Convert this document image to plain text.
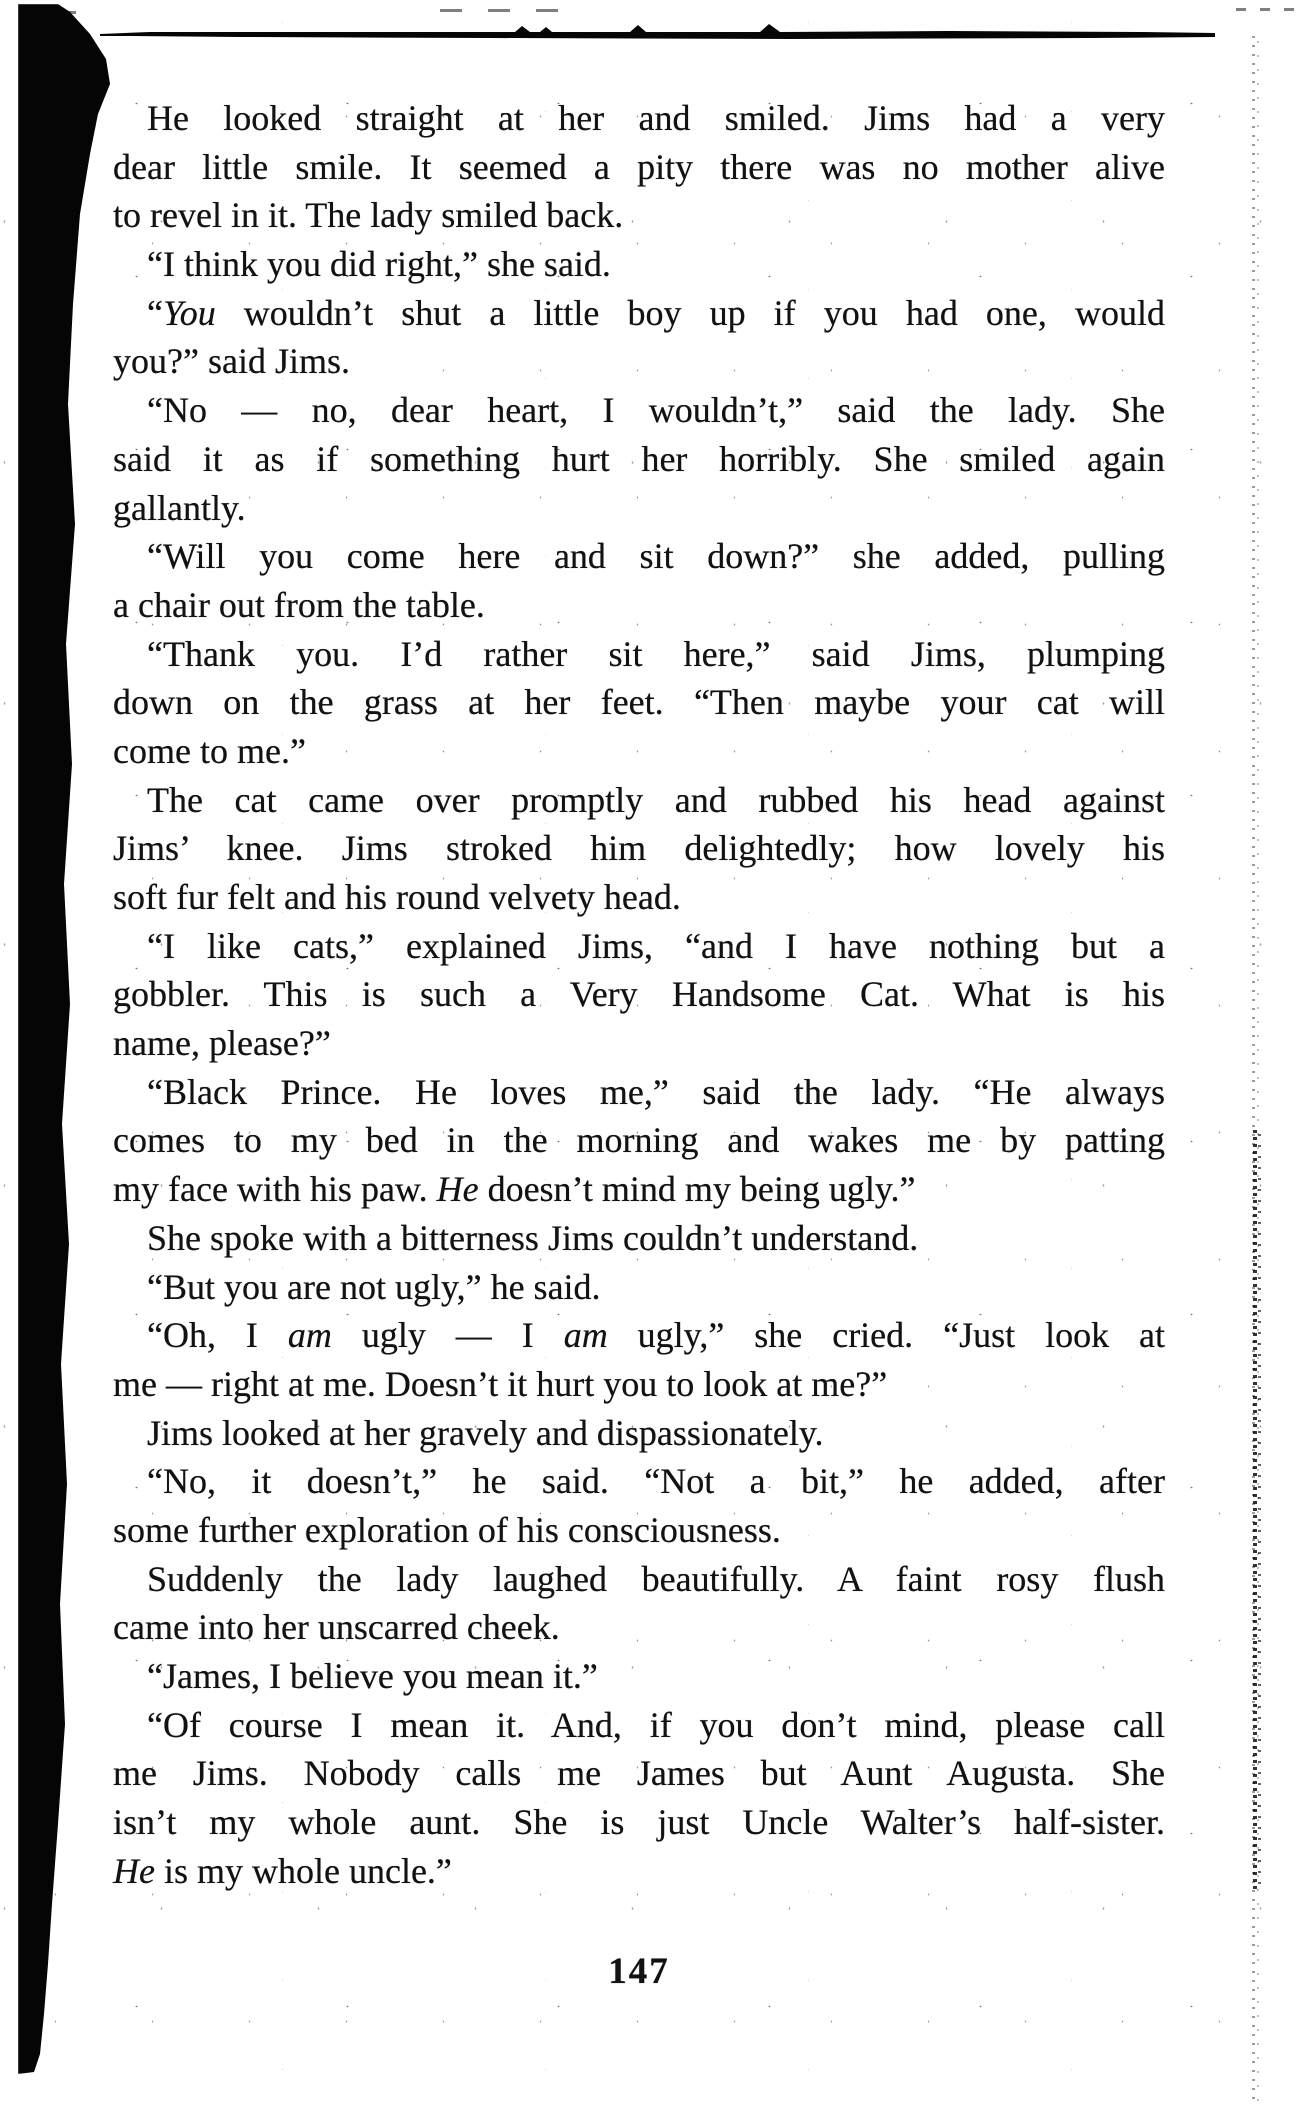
He looked straight at her and smiled. Jims had a very
dear little smile. It seemed a pity there was no mother alive
to revel in it. The lady smiled back.
“I think you did right,” she said.
“You wouldn’t shut a little boy up if you had one, would
you?” said Jims.
“No — no, dear heart, I wouldn’t,” said the lady. She
said it as if something hurt her horribly. She smiled again
gallantly.
“Will you come here and sit down?” she added, pulling
a chair out from the table.
“Thank you. I’d rather sit here,” said Jims, plumping
down on the grass at her feet. “Then maybe your cat will
come to me.”
The cat came over promptly and rubbed his head against
Jims’ knee. Jims stroked him delightedly; how lovely his
soft fur felt and his round velvety head.
“I like cats,” explained Jims, “and I have nothing but a
gobbler. This is such a Very Handsome Cat. What is his
name, please?”
“Black Prince. He loves me,” said the lady. “He always
comes to my bed in the morning and wakes me by patting
my face with his paw. He doesn’t mind my being ugly.”
She spoke with a bitterness Jims couldn’t understand.
“But you are not ugly,” he said.
“Oh, I am ugly — I am ugly,” she cried. “Just look at
me — right at me. Doesn’t it hurt you to look at me?”
Jims looked at her gravely and dispassionately.
“No, it doesn’t,” he said. “Not a bit,” he added, after
some further exploration of his consciousness.
Suddenly the lady laughed beautifully. A faint rosy flush
came into her unscarred cheek.
“James, I believe you mean it.”
“Of course I mean it. And, if you don’t mind, please call
me Jims. Nobody calls me James but Aunt Augusta. She
isn’t my whole aunt. She is just Uncle Walter’s half-sister.
He is my whole uncle.”
147
